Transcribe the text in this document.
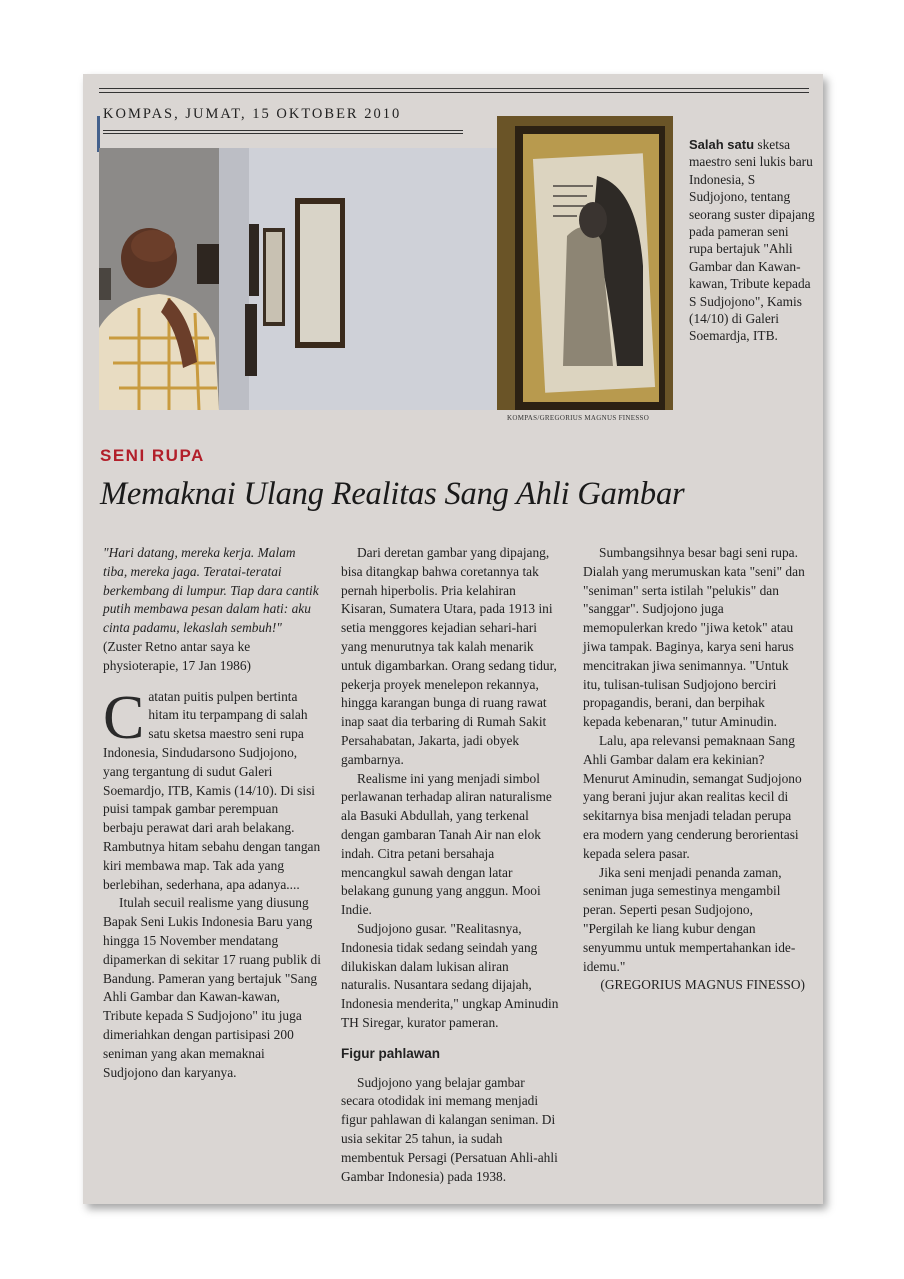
KOMPAS, JUMAT, 15 OKTOBER 2010
KOMPAS/GREGORIUS MAGNUS FINESSO
Salah satu sketsa maestro seni lukis baru Indonesia, S Sudjojono, tentang seorang suster dipajang pada pameran seni rupa bertajuk "Ahli Gambar dan Kawan-kawan, Tribute kepada S Sudjojono", Kamis (14/10) di Galeri Soemardja, ITB.
SENI RUPA
Memaknai Ulang Realitas Sang Ahli Gambar

"Hari datang, mereka kerja. Malam tiba, mereka jaga. Teratai-teratai berkembang di lumpur. Tiap dara cantik putih membawa pesan dalam hati: aku cinta padamu, lekaslah sembuh!" (Zuster Retno antar saya ke physioterapie, 17 Jan 1986)

Catatan puitis pulpen bertinta hitam itu terpampang di salah satu sketsa maestro seni rupa Indonesia, Sindudarsono Sudjojono, yang tergantung di sudut Galeri Soemardjo, ITB, Kamis (14/10). Di sisi puisi tampak gambar perempuan berbaju perawat dari arah belakang. Rambutnya hitam sebahu dengan tangan kiri membawa map. Tak ada yang berlebihan, sederhana, apa adanya....

Itulah secuil realisme yang diusung Bapak Seni Lukis Indonesia Baru yang hingga 15 November mendatang dipamerkan di sekitar 17 ruang publik di Bandung. Pameran yang bertajuk "Sang Ahli Gambar dan Kawan-kawan, Tribute kepada S Sudjojono" itu juga dimeriahkan dengan partisipasi 200 seniman yang akan memaknai Sudjojono dan karyanya.

Dari deretan gambar yang dipajang, bisa ditangkap bahwa coretannya tak pernah hiperbolis. Pria kelahiran Kisaran, Sumatera Utara, pada 1913 ini setia menggores kejadian sehari-hari yang menurutnya tak kalah menarik untuk digambarkan. Orang sedang tidur, pekerja proyek menelepon rekannya, hingga karangan bunga di ruang rawat inap saat dia terbaring di Rumah Sakit Persahabatan, Jakarta, jadi obyek gambarnya.

Realisme ini yang menjadi simbol perlawanan terhadap aliran naturalisme ala Basuki Abdullah, yang terkenal dengan gambaran Tanah Air nan elok indah. Citra petani bersahaja mencangkul sawah dengan latar belakang gunung yang anggun. Mooi Indie.

Sudjojono gusar. "Realitasnya, Indonesia tidak sedang seindah yang dilukiskan dalam lukisan aliran naturalis. Nusantara sedang dijajah, Indonesia menderita," ungkap Aminudin TH Siregar, kurator pameran.

Figur pahlawan

Sudjojono yang belajar gambar secara otodidak ini memang menjadi figur pahlawan di kalangan seniman. Di usia sekitar 25 tahun, ia sudah membentuk Persagi (Persatuan Ahli-ahli Gambar Indonesia) pada 1938.

Sumbangsihnya besar bagi seni rupa. Dialah yang merumuskan kata "seni" dan "seniman" serta istilah "pelukis" dan "sanggar". Sudjojono juga memopulerkan kredo "jiwa ketok" atau jiwa tampak. Baginya, karya seni harus mencitrakan jiwa senimannya. "Untuk itu, tulisan-tulisan Sudjojono berciri propagandis, berani, dan berpihak kepada kebenaran," tutur Aminudin.

Lalu, apa relevansi pemaknaan Sang Ahli Gambar dalam era kekinian? Menurut Aminudin, semangat Sudjojono yang berani jujur akan realitas kecil di sekitarnya bisa menjadi teladan perupa era modern yang cenderung berorientasi kepada selera pasar.

Jika seni menjadi penanda zaman, seniman juga semestinya mengambil peran. Seperti pesan Sudjojono, "Pergilah ke liang kubur dengan senyummu untuk mempertahankan ide-idemu."

(GREGORIUS MAGNUS FINESSO)
